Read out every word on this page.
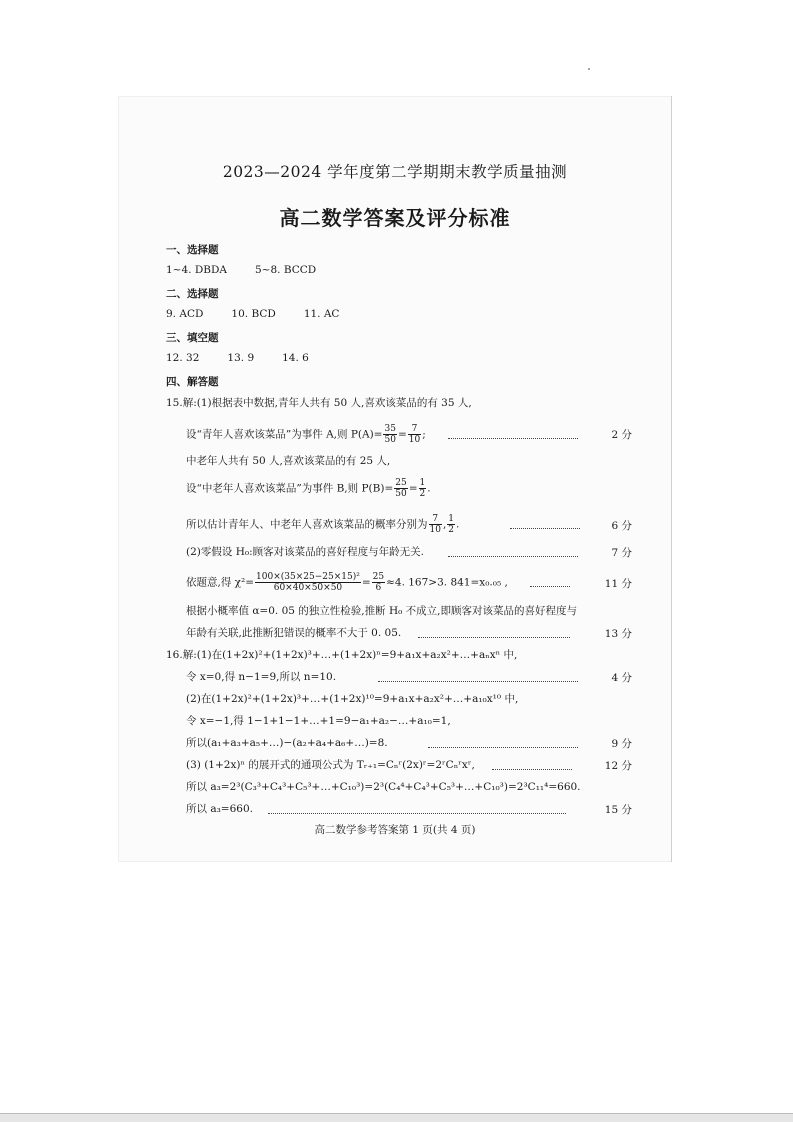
2023—2024 学年度第二学期期末教学质量抽测
高二数学答案及评分标准
一、选择题
1~4. DBDA	5~8. BCCD
二、选择题
9. ACD	10. BCD	11. AC
三、填空题
12. 32	13. 9	14. 6
四、解答题
15.解:(1)根据表中数据,青年人共有 50 人,喜欢该菜品的有 35 人,
设“青年人喜欢该菜品”为事件 A,则 $P(A)= \frac{35}{50} = \frac{7}{10}$ ;	2 分
中老年人共有 50 人,喜欢该菜品的有 25 人,
设“中老年人喜欢该菜品”为事件 B,则 $P(B)= \frac{25}{50} = \frac{1}{2}$ .
所以估计青年人、中老年人喜欢该菜品的概率分别为 $\frac{7}{10}$ , $\frac{1}{2}$ .	6 分
(2)零假设 H₀:顾客对该菜品的喜好程度与年龄无关.	7 分
依题意,得 $\chi^2= \frac{\text{100×(35×25−25×15)²}}{60\times 40\times 50\times 50} = \frac{25}{6} \approx 4$. 167>3. 841=x₀.₀₅ ,	11 分
根据小概率值 α=0. 05 的独立性检验,推断 H₀ 不成立,即顾客对该菜品的喜好程度与
年龄有关联,此推断犯错误的概率不大于 0. 05.	13 分
16.解:(1)在(1+2x)²+(1+2x)³+…+(1+2x)ⁿ=9+a₁x+a₂x²+…+aₙxⁿ 中,
令 x=0,得 n−1=9,所以 n=10.	4 分
(2)在(1+2x)²+(1+2x)³+…+(1+2x)¹⁰=9+a₁x+a₂x²+…+a₁₀x¹⁰ 中,
令 x=−1,得 1−1+1−1+…+1=9−a₁+a₂−…+a₁₀=1,
所以(a₁+a₃+a₅+…)−(a₂+a₄+a₆+…)=8.	9 分
(3) (1+2x)ⁿ 的展开式的通项公式为 Tᵣ₊₁=Cₙʳ(2x)ʳ=2ʳCₙʳxʳ,	12 分
所以 a₃=2³(C₃³+C₄³+C₅³+…+C₁₀³)=2³(C₄⁴+C₄³+C₅³+…+C₁₀³)=2³C₁₁⁴=660.
所以 a₃=660.	15 分
高二数学参考答案第 1 页(共 4 页)
